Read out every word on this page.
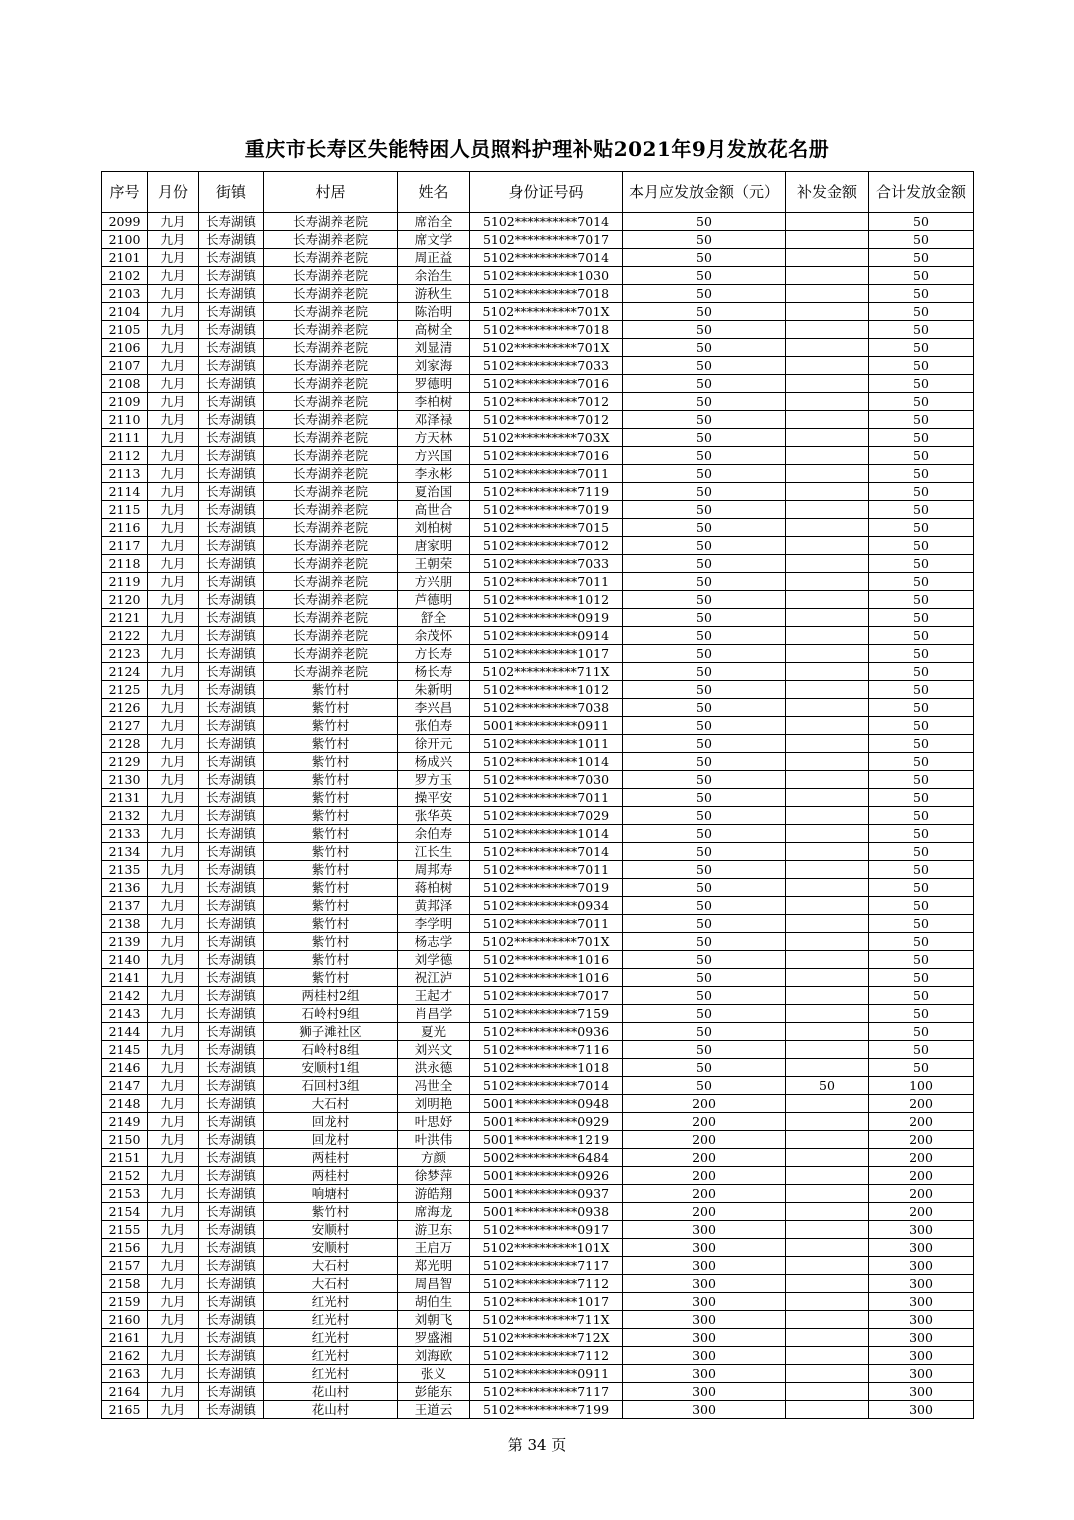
重庆市长寿区失能特困人员照料护理补贴2021年9月发放花名册
序号	月份	街镇	村居	姓名	身份证号码	本月应发放金额（元）	补发金额	合计发放金额
2099	九月	长寿湖镇	长寿湖养老院	席治全	5102**********7014	50		50
2100	九月	长寿湖镇	长寿湖养老院	席文学	5102**********7017	50		50
2101	九月	长寿湖镇	长寿湖养老院	周正益	5102**********7014	50		50
2102	九月	长寿湖镇	长寿湖养老院	余治生	5102**********1030	50		50
2103	九月	长寿湖镇	长寿湖养老院	游秋生	5102**********7018	50		50
2104	九月	长寿湖镇	长寿湖养老院	陈治明	5102**********701X	50		50
2105	九月	长寿湖镇	长寿湖养老院	高树全	5102**********7018	50		50
2106	九月	长寿湖镇	长寿湖养老院	刘显清	5102**********701X	50		50
2107	九月	长寿湖镇	长寿湖养老院	刘家海	5102**********7033	50		50
2108	九月	长寿湖镇	长寿湖养老院	罗德明	5102**********7016	50		50
2109	九月	长寿湖镇	长寿湖养老院	李柏树	5102**********7012	50		50
2110	九月	长寿湖镇	长寿湖养老院	邓泽禄	5102**********7012	50		50
2111	九月	长寿湖镇	长寿湖养老院	方天林	5102**********703X	50		50
2112	九月	长寿湖镇	长寿湖养老院	方兴国	5102**********7016	50		50
2113	九月	长寿湖镇	长寿湖养老院	李永彬	5102**********7011	50		50
2114	九月	长寿湖镇	长寿湖养老院	夏治国	5102**********7119	50		50
2115	九月	长寿湖镇	长寿湖养老院	高世合	5102**********7019	50		50
2116	九月	长寿湖镇	长寿湖养老院	刘柏树	5102**********7015	50		50
2117	九月	长寿湖镇	长寿湖养老院	唐家明	5102**********7012	50		50
2118	九月	长寿湖镇	长寿湖养老院	王朝荣	5102**********7033	50		50
2119	九月	长寿湖镇	长寿湖养老院	方兴朋	5102**********7011	50		50
2120	九月	长寿湖镇	长寿湖养老院	芦德明	5102**********1012	50		50
2121	九月	长寿湖镇	长寿湖养老院	舒全	5102**********0919	50		50
2122	九月	长寿湖镇	长寿湖养老院	余茂怀	5102**********0914	50		50
2123	九月	长寿湖镇	长寿湖养老院	方长寿	5102**********1017	50		50
2124	九月	长寿湖镇	长寿湖养老院	杨长寿	5102**********711X	50		50
2125	九月	长寿湖镇	紫竹村	朱新明	5102**********1012	50		50
2126	九月	长寿湖镇	紫竹村	李兴昌	5102**********7038	50		50
2127	九月	长寿湖镇	紫竹村	张伯寿	5001**********0911	50		50
2128	九月	长寿湖镇	紫竹村	徐开元	5102**********1011	50		50
2129	九月	长寿湖镇	紫竹村	杨成兴	5102**********1014	50		50
2130	九月	长寿湖镇	紫竹村	罗方玉	5102**********7030	50		50
2131	九月	长寿湖镇	紫竹村	操平安	5102**********7011	50		50
2132	九月	长寿湖镇	紫竹村	张华英	5102**********7029	50		50
2133	九月	长寿湖镇	紫竹村	余伯寿	5102**********1014	50		50
2134	九月	长寿湖镇	紫竹村	江长生	5102**********7014	50		50
2135	九月	长寿湖镇	紫竹村	周邦寿	5102**********7011	50		50
2136	九月	长寿湖镇	紫竹村	蒋柏树	5102**********7019	50		50
2137	九月	长寿湖镇	紫竹村	黄邦泽	5102**********0934	50		50
2138	九月	长寿湖镇	紫竹村	李学明	5102**********7011	50		50
2139	九月	长寿湖镇	紫竹村	杨志学	5102**********701X	50		50
2140	九月	长寿湖镇	紫竹村	刘学德	5102**********1016	50		50
2141	九月	长寿湖镇	紫竹村	祝江泸	5102**********1016	50		50
2142	九月	长寿湖镇	两桂村2组	王起才	5102**********7017	50		50
2143	九月	长寿湖镇	石岭村9组	肖昌学	5102**********7159	50		50
2144	九月	长寿湖镇	狮子滩社区	夏光	5102**********0936	50		50
2145	九月	长寿湖镇	石岭村8组	刘兴文	5102**********7116	50		50
2146	九月	长寿湖镇	安顺村1组	洪永德	5102**********1018	50		50
2147	九月	长寿湖镇	石回村3组	冯世全	5102**********7014	50	50	100
2148	九月	长寿湖镇	大石村	刘明艳	5001**********0948	200		200
2149	九月	长寿湖镇	回龙村	叶思妤	5001**********0929	200		200
2150	九月	长寿湖镇	回龙村	叶洪伟	5001**********1219	200		200
2151	九月	长寿湖镇	两桂村	方颜	5002**********6484	200		200
2152	九月	长寿湖镇	两桂村	徐梦萍	5001**********0926	200		200
2153	九月	长寿湖镇	响塘村	游皓翔	5001**********0937	200		200
2154	九月	长寿湖镇	紫竹村	席海龙	5001**********0938	200		200
2155	九月	长寿湖镇	安顺村	游卫东	5102**********0917	300		300
2156	九月	长寿湖镇	安顺村	王启万	5102**********101X	300		300
2157	九月	长寿湖镇	大石村	郑光明	5102**********7117	300		300
2158	九月	长寿湖镇	大石村	周昌智	5102**********7112	300		300
2159	九月	长寿湖镇	红光村	胡伯生	5102**********1017	300		300
2160	九月	长寿湖镇	红光村	刘朝飞	5102**********711X	300		300
2161	九月	长寿湖镇	红光村	罗盛湘	5102**********712X	300		300
2162	九月	长寿湖镇	红光村	刘海欧	5102**********7112	300		300
2163	九月	长寿湖镇	红光村	张义	5102**********0911	300		300
2164	九月	长寿湖镇	花山村	彭能东	5102**********7117	300		300
2165	九月	长寿湖镇	花山村	王道云	5102**********7199	300		300
第 34 页
